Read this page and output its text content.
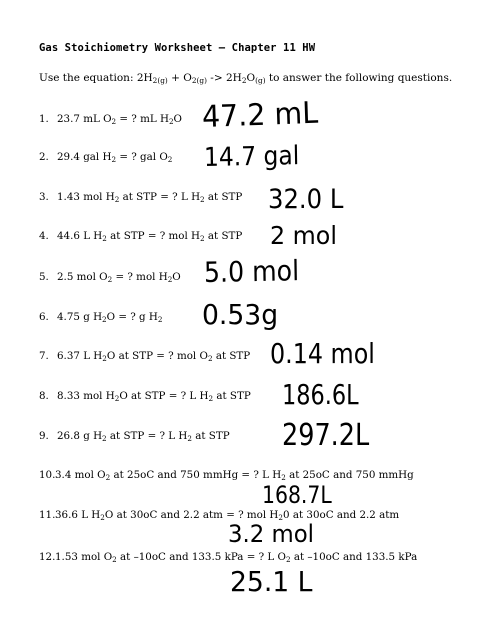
Gas Stoichiometry Worksheet – Chapter 11 HW
Use the equation: $2H_{2(g)} + O_{2(g)} -> 2H_2O_{(g)}$ to answer the following questions.
1. 23.7 mL $O_2$ = ? mL $H_2O$ 47.2 mL
2. 29.4 gal $H_2$ = ? gal $O_2$ 14.7 gal
3. 1.43 mol $H_2$ at STP = ? L $H_2$ at STP 32.0 L
4. 44.6 L $H_2$ at STP = ? mol $H_2$ at STP 2 mol
5. 2.5 mol $O_2$ = ? mol $H_2O$ 5.0 mol
6. 4.75 g $H_2O$ = ? g $H_2$ 0.53g
7. 6.37 L $H_2O$ at STP = ? mol $O_2$ at STP 0.14 mol
8. 8.33 mol $H_2O$ at STP = ? L $H_2$ at STP 186.6L
9. 26.8 g $H_2$ at STP = ? L $H_2$ at STP 297.2L
10.3.4 mol $O_2$ at 25oC and 750 mmHg = ? L $H_2$ at 25oC and 750 mmHg
168.7L
11.36.6 L $H_2O$ at 30oC and 2.2 atm = ? mol $H_20$ at 30oC and 2.2 atm
3.2 mol
12.1.53 mol $O_2$ at –10oC and 133.5 kPa = ? L $O_2$ at –10oC and 133.5 kPa
25.1 L
